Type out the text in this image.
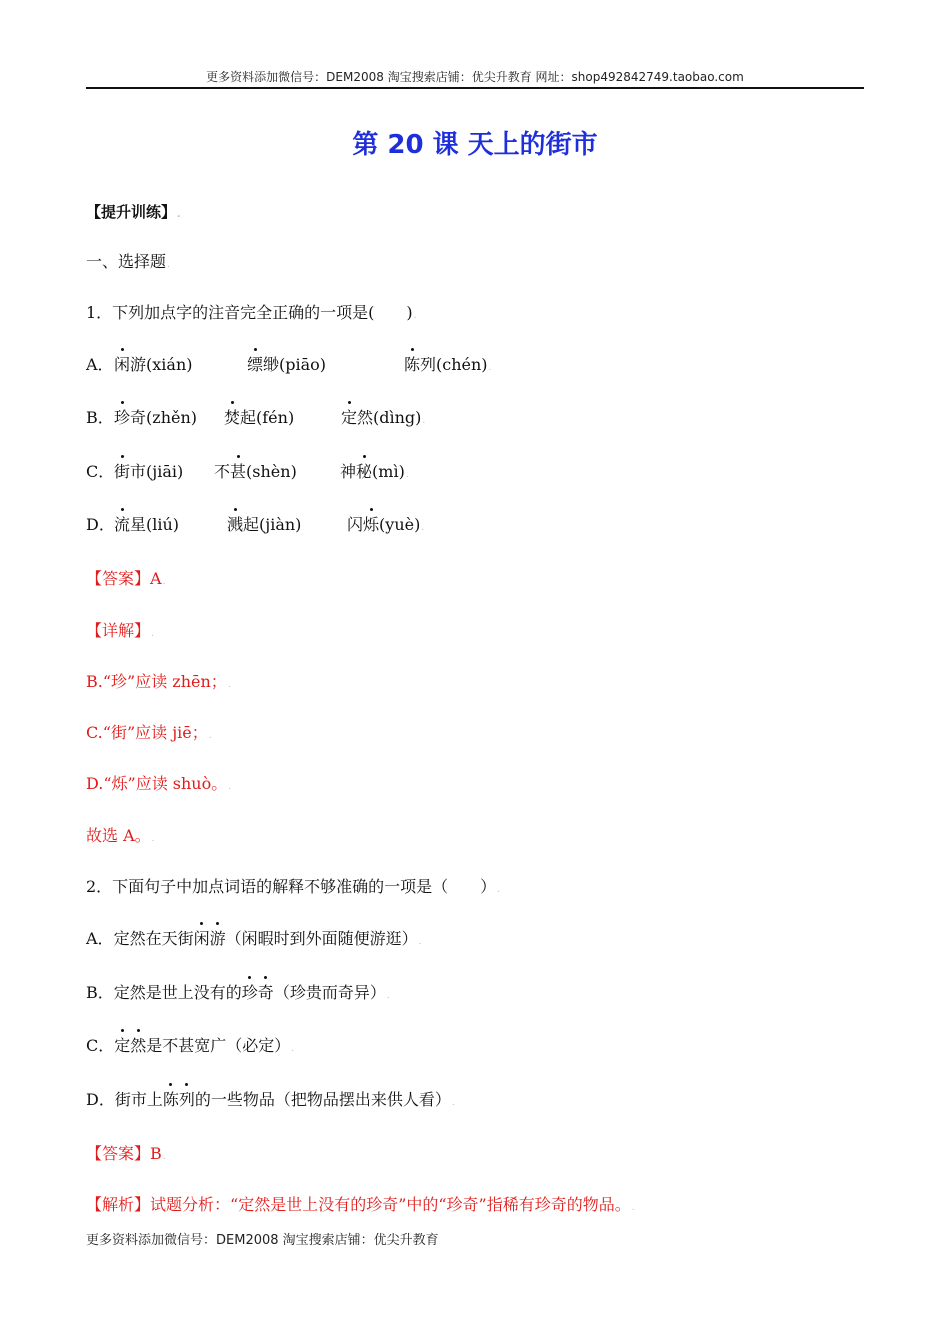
更多资料添加微信号：DEM2008 淘宝搜索店铺：优尖升教育 网址：shop492842749.taobao.com
第 20 课 天上的街市
【提升训练】.
一、选择题.
1．下列加点字的注音完全正确的一项是(　　).
A． 闲游(xián)	缥缈(piāo)	陈列(chén).
B． 珍奇(zhěn) 焚起(fén)	定然(dìng).
C． 街市(jiāi) 不甚(shèn)	神秘(mì).
D． 流星(liú)	溅起(jiàn)	闪烁(yuè).
【答案】A.
【详解】.
B.“珍”应读 zhēn；.
C.“街”应读 jiē；.
D.“烁”应读 shuò。.
故选 A。.
2．下面句子中加点词语的解释不够准确的一项是（　　）.
A．定然在天街闲游（闲暇时到外面随便游逛）.
B．定然是世上没有的珍奇（珍贵而奇异）.
C．定然是不甚宽广（必定）.
D．街市上陈列的一些物品（把物品摆出来供人看）.
【答案】B.
【解析】试题分析：“定然是世上没有的珍奇”中的“珍奇”指稀有珍奇的物品。.
更多资料添加微信号：DEM2008 淘宝搜索店铺：优尖升教育
